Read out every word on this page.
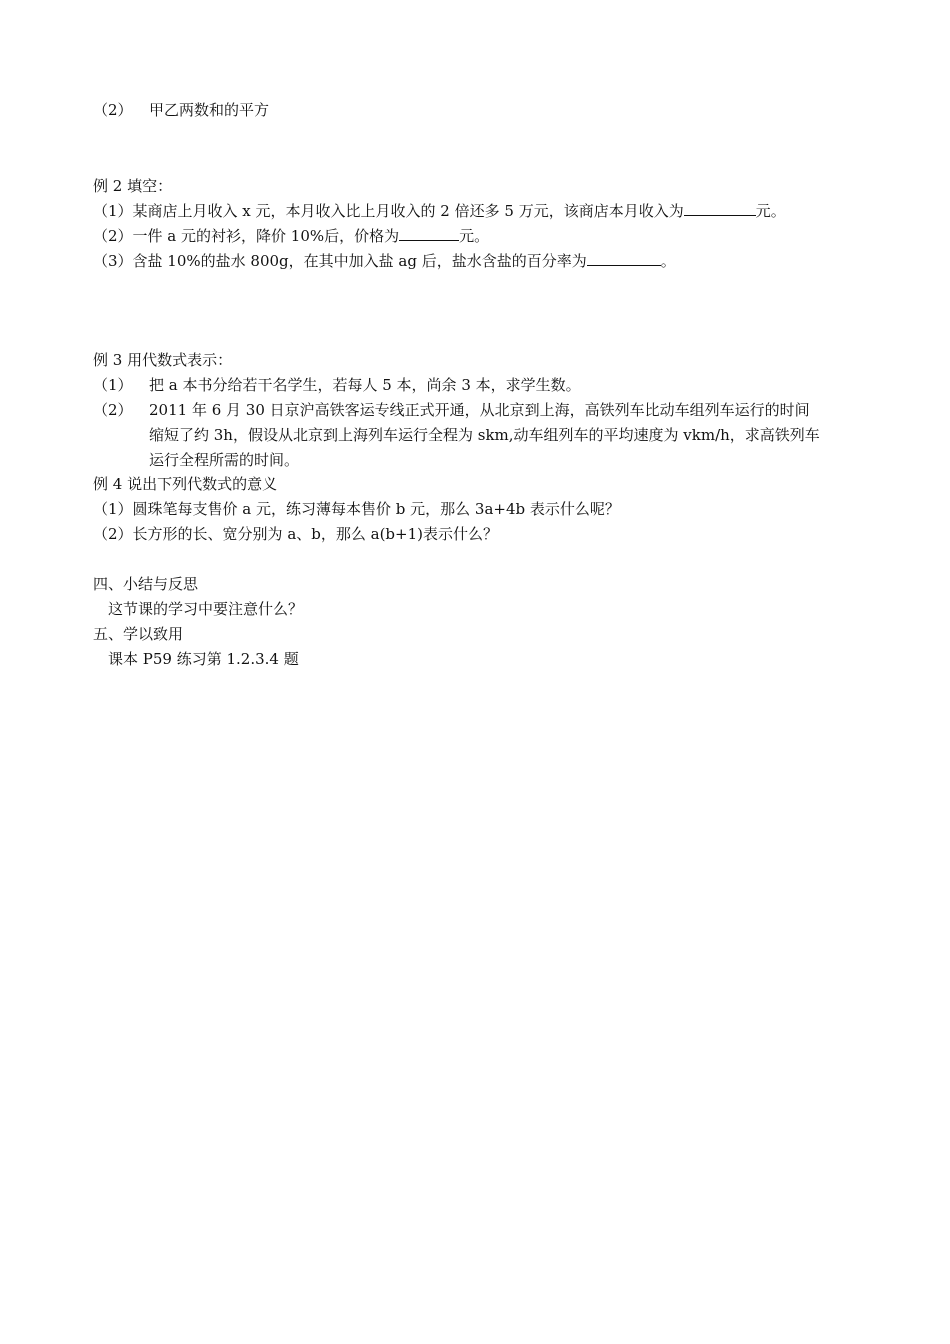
（2） 甲乙两数和的平方
例 2 填空：
（1）某商店上月收入 x 元，本月收入比上月收入的 2 倍还多 5 万元，该商店本月收入为	元。
（2）一件 a 元的衬衫，降价 10%后，价格为	元。
（3）含盐 10%的盐水 800g，在其中加入盐 ag 后，盐水含盐的百分率为	。
例 3 用代数式表示：
（1） 把 a 本书分给若干名学生，若每人 5 本，尚余 3 本，求学生数。
（2） 2011 年 6 月 30 日京沪高铁客运专线正式开通，从北京到上海，高铁列车比动车组列车运行的时间
缩短了约 3h，假设从北京到上海列车运行全程为 skm,动车组列车的平均速度为 vkm/h，求高铁列车
运行全程所需的时间。
例 4 说出下列代数式的意义
（1）圆珠笔每支售价 a 元，练习薄每本售价 b 元，那么 3a+4b 表示什么呢？
（2）长方形的长、宽分别为 a、b，那么 a(b+1)表示什么？
四、小结与反思
这节课的学习中要注意什么？
五、学以致用
课本 P59 练习第 1.2.3.4 题
